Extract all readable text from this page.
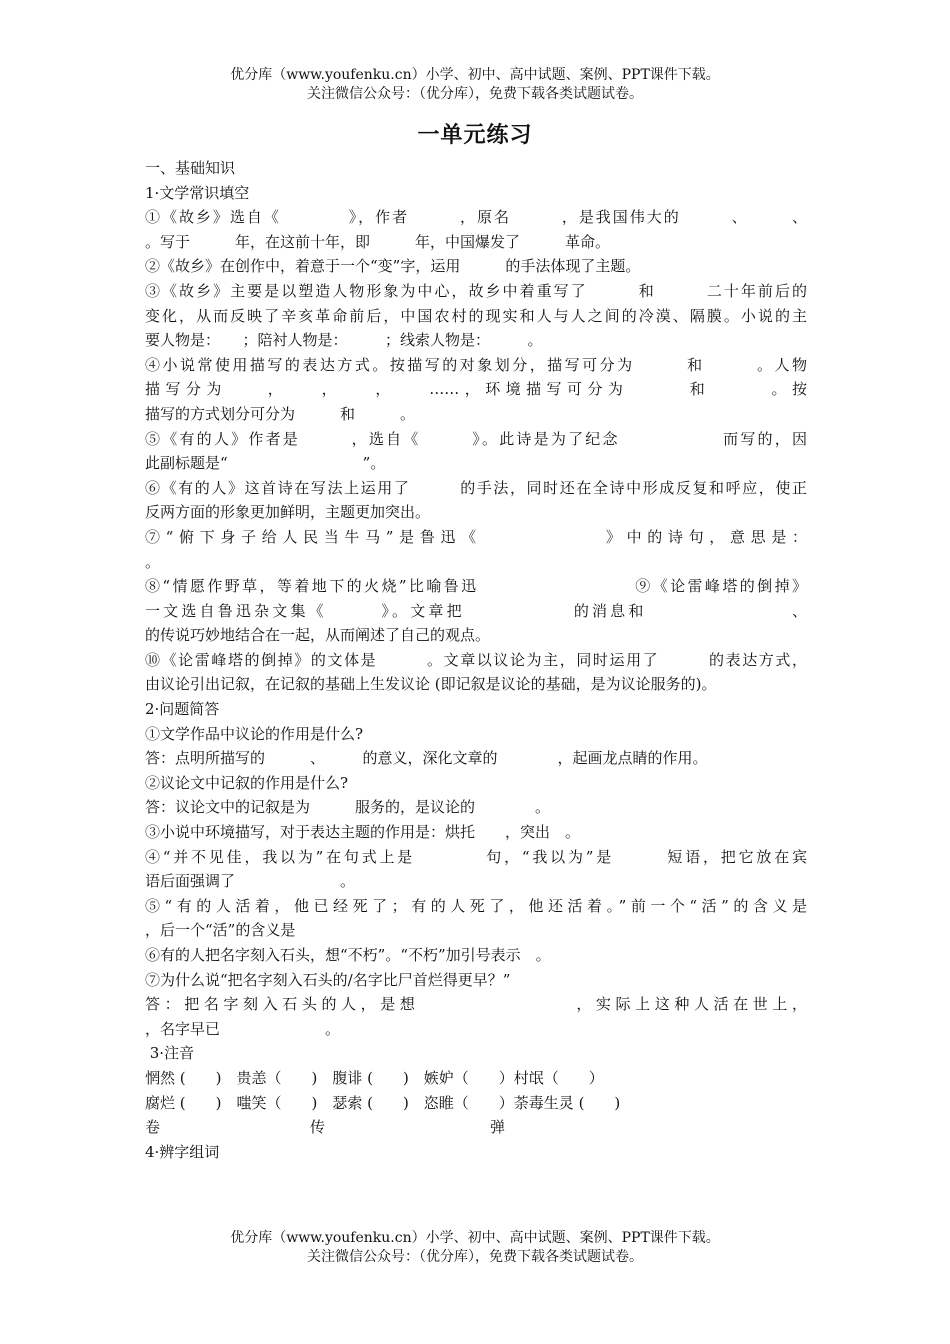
优分库（www.youfenku.cn）小学、初中、高中试题、案例、PPT课件下载。
关注微信公众号：（优分库），免费下载各类试题试卷。
一单元练习
一、基础知识
1·文学常识填空
①《故乡》选自《　　　　》，作者　　　，原名　　　，是我国伟大的　　　、　　　、
。写于　　　年，在这前十年，即　　　年，中国爆发了　　　革命。
②《故乡》在创作中，着意于一个“变”字，运用　　　的手法体现了主题。
③《故乡》主要是以塑造人物形象为中心，故乡中着重写了　　　和　　　二十年前后的
变化，从而反映了辛亥革命前后，中国农村的现实和人与人之间的冷漠、隔膜。小说的主
要人物是：　　；陪衬人物是：　　　；线索人物是：　　　。
④小说常使用描写的表达方式。按描写的对象划分，描写可分为　　　和　　　。人物
描写分为　　，　　，　　，　　……，环境描写可分为　　　和　　　。按
描写的方式划分可分为　　　和　　　。
⑤《有的人》作者是　　　，选自《　　　》。此诗是为了纪念　　　　　　而写的，因
此副标题是“　　　　　　　　　”。
⑥《有的人》这首诗在写法上运用了　　　的手法，同时还在全诗中形成反复和呼应，使正
反两方面的形象更加鲜明，主题更加突出。
⑦“俯下身子给人民当牛马”是鲁迅《　　　　　　》中的诗句，意思是：
。
⑧“情愿作野草，等着地下的火烧”比喻鲁迅　　　　　　　　　⑨《论雷峰塔的倒掉》
一文选自鲁迅杂文集《　　　》。文章把　　　　　　的消息和　　　　　　　　、
的传说巧妙地结合在一起，从而阐述了自己的观点。
⑩《论雷峰塔的倒掉》的文体是　　　。文章以议论为主，同时运用了　　　的表达方式，
由议论引出记叙，在记叙的基础上生发议论 (即记叙是议论的基础，是为议论服务的)。
2·问题简答
①文学作品中议论的作用是什么?
答：点明所描写的　　　、　　　的意义，深化文章的　　　　，起画龙点睛的作用。
②议论文中记叙的作用是什么?
答：议论文中的记叙是为　　　服务的，是议论的　　　　。
③小说中环境描写，对于表达主题的作用是：烘托　　，突出　。
④“并不见佳，我以为”在句式上是　　　　句，“我以为”是　　　短语，把它放在宾
语后面强调了　　　　　　　。
⑤“有的人活着，他已经死了；有的人死了，他还活着。”前一个“活”的含义是
，后一个“活”的含义是
⑥有的人把名字刻入石头，想“不朽”。“不朽”加引号表示　。
⑦为什么说“把名字刻入石头的/名字比尸首烂得更早？”
答：把名字刻入石头的人，是想　　　　　　　　，实际上这种人活在世上，
，名字早已　　　　　　　。
3·注音
惘然 (　　)　贵恙（　　)　腹诽 (　　)　嫉妒（　　）村氓（　　）
腐烂 (　　)　嗤笑（　　)　瑟索 (　　)　恣睢（　　）荼毒生灵 (　　)
卷　　　　　　　　　　传　　　　　　　　　　　弹
4·辨字组词
优分库（www.youfenku.cn）小学、初中、高中试题、案例、PPT课件下载。
关注微信公众号：（优分库），免费下载各类试题试卷。
